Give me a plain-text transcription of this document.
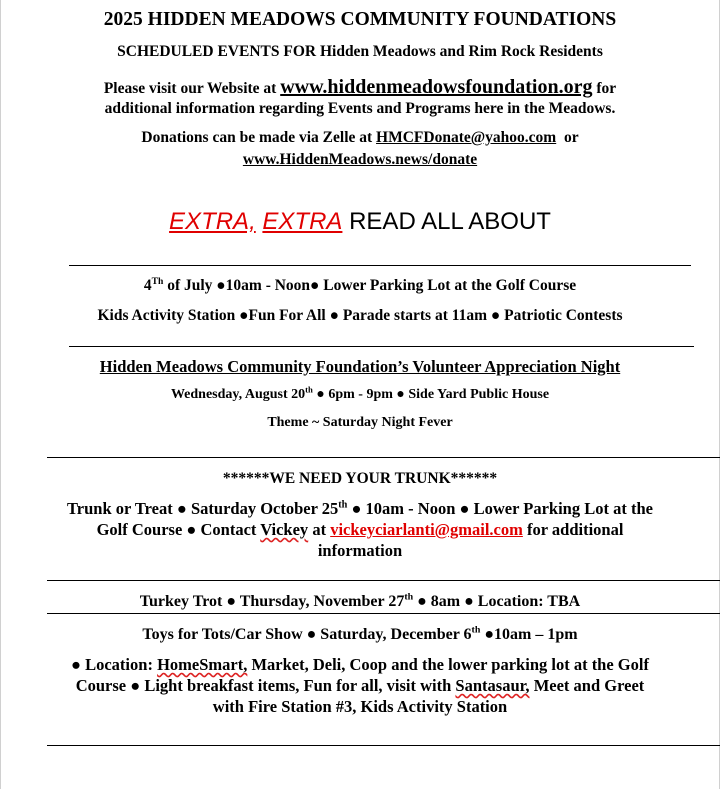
2025 HIDDEN MEADOWS COMMUNITY FOUNDATIONS
SCHEDULED EVENTS FOR Hidden Meadows and Rim Rock Residents
Please visit our Website at www.hiddenmeadowsfoundation.org for
additional information regarding Events and Programs here in the Meadows.
Donations can be made via Zelle at HMCFDonate@yahoo.com or
www.HiddenMeadows.news/donate
EXTRA, EXTRA READ ALL ABOUT
4Th of July ●10am - Noon● Lower Parking Lot at the Golf Course
Kids Activity Station ●Fun For All ● Parade starts at 11am ● Patriotic Contests
Hidden Meadows Community Foundation’s Volunteer Appreciation Night
Wednesday, August 20th ● 6pm - 9pm ● Side Yard Public House
Theme ~ Saturday Night Fever
******WE NEED YOUR TRUNK******
Trunk or Treat ● Saturday October 25th ● 10am - Noon ● Lower Parking Lot at the
Golf Course ● Contact Vickey at vickeyciarlanti@gmail.com for additional
information
Turkey Trot ● Thursday, November 27th ● 8am ● Location: TBA
Toys for Tots/Car Show ● Saturday, December 6th ●10am – 1pm
● Location: HomeSmart, Market, Deli, Coop and the lower parking lot at the Golf
Course ● Light breakfast items, Fun for all, visit with Santasaur, Meet and Greet
with Fire Station #3, Kids Activity Station
